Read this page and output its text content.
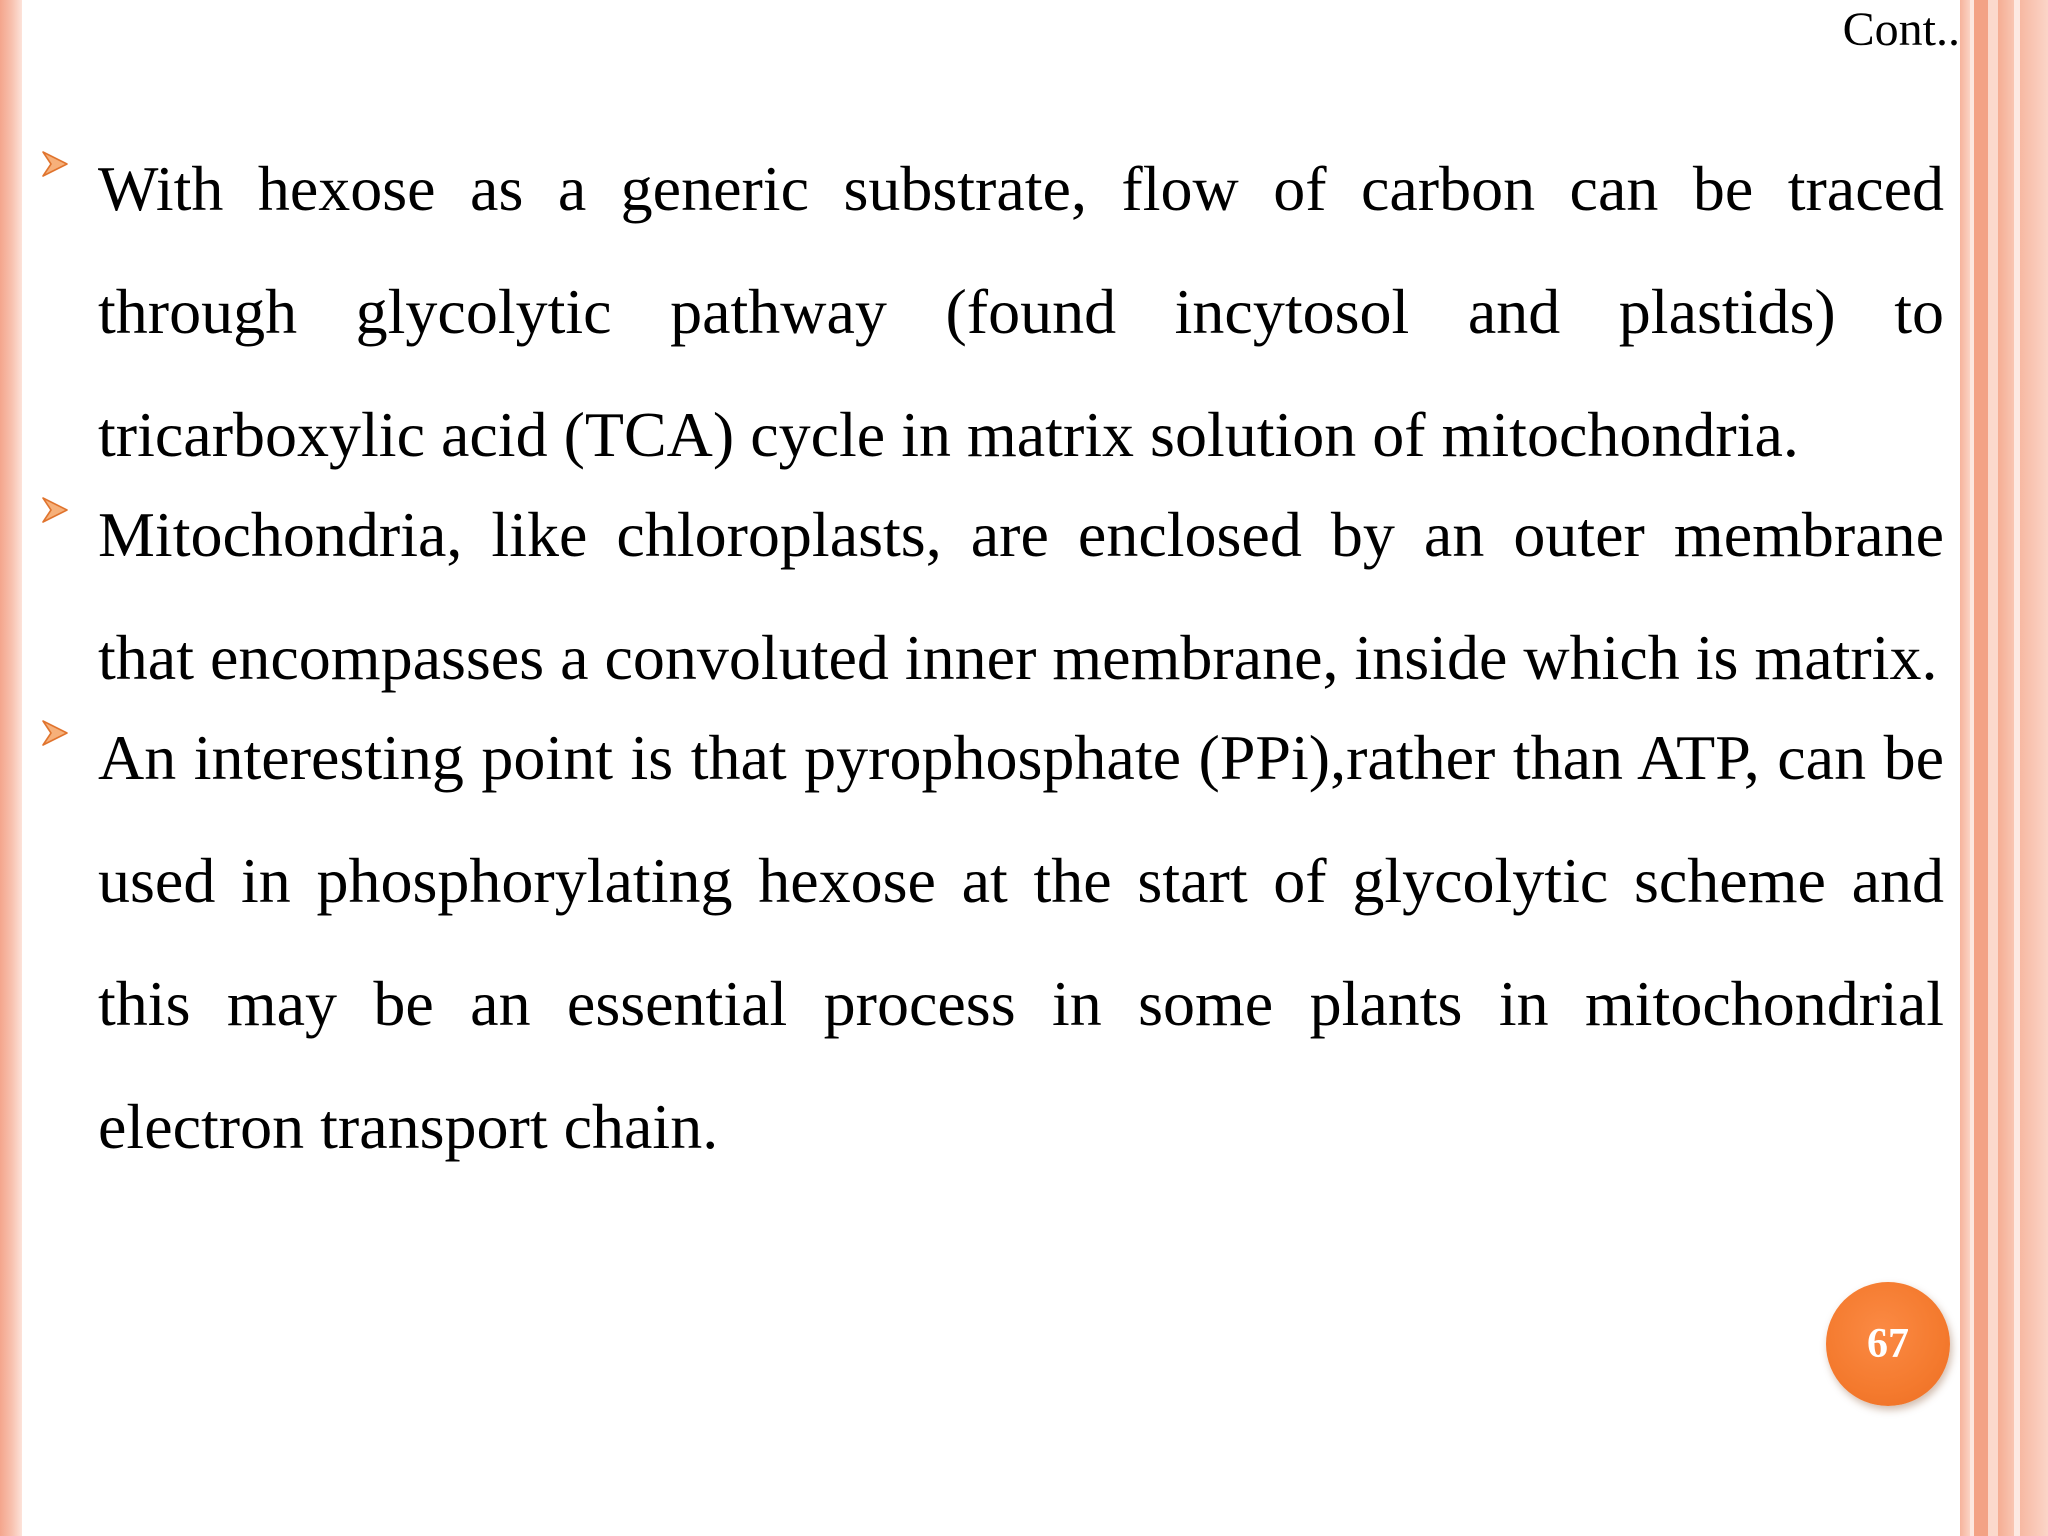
Cont..
With hexose as a generic substrate, flow of carbon can be traced through glycolytic pathway (found incytosol and plastids) to tricarboxylic acid (TCA) cycle in matrix solution of mitochondria.
Mitochondria, like chloroplasts, are enclosed by an outer membrane that encompasses a convoluted inner membrane, inside which is matrix.
An interesting point is that pyrophosphate (PPi),rather than ATP, can be used in phosphorylating hexose at the start of glycolytic scheme and this may be an essential process in some plants in mitochondrial electron transport chain.
67
